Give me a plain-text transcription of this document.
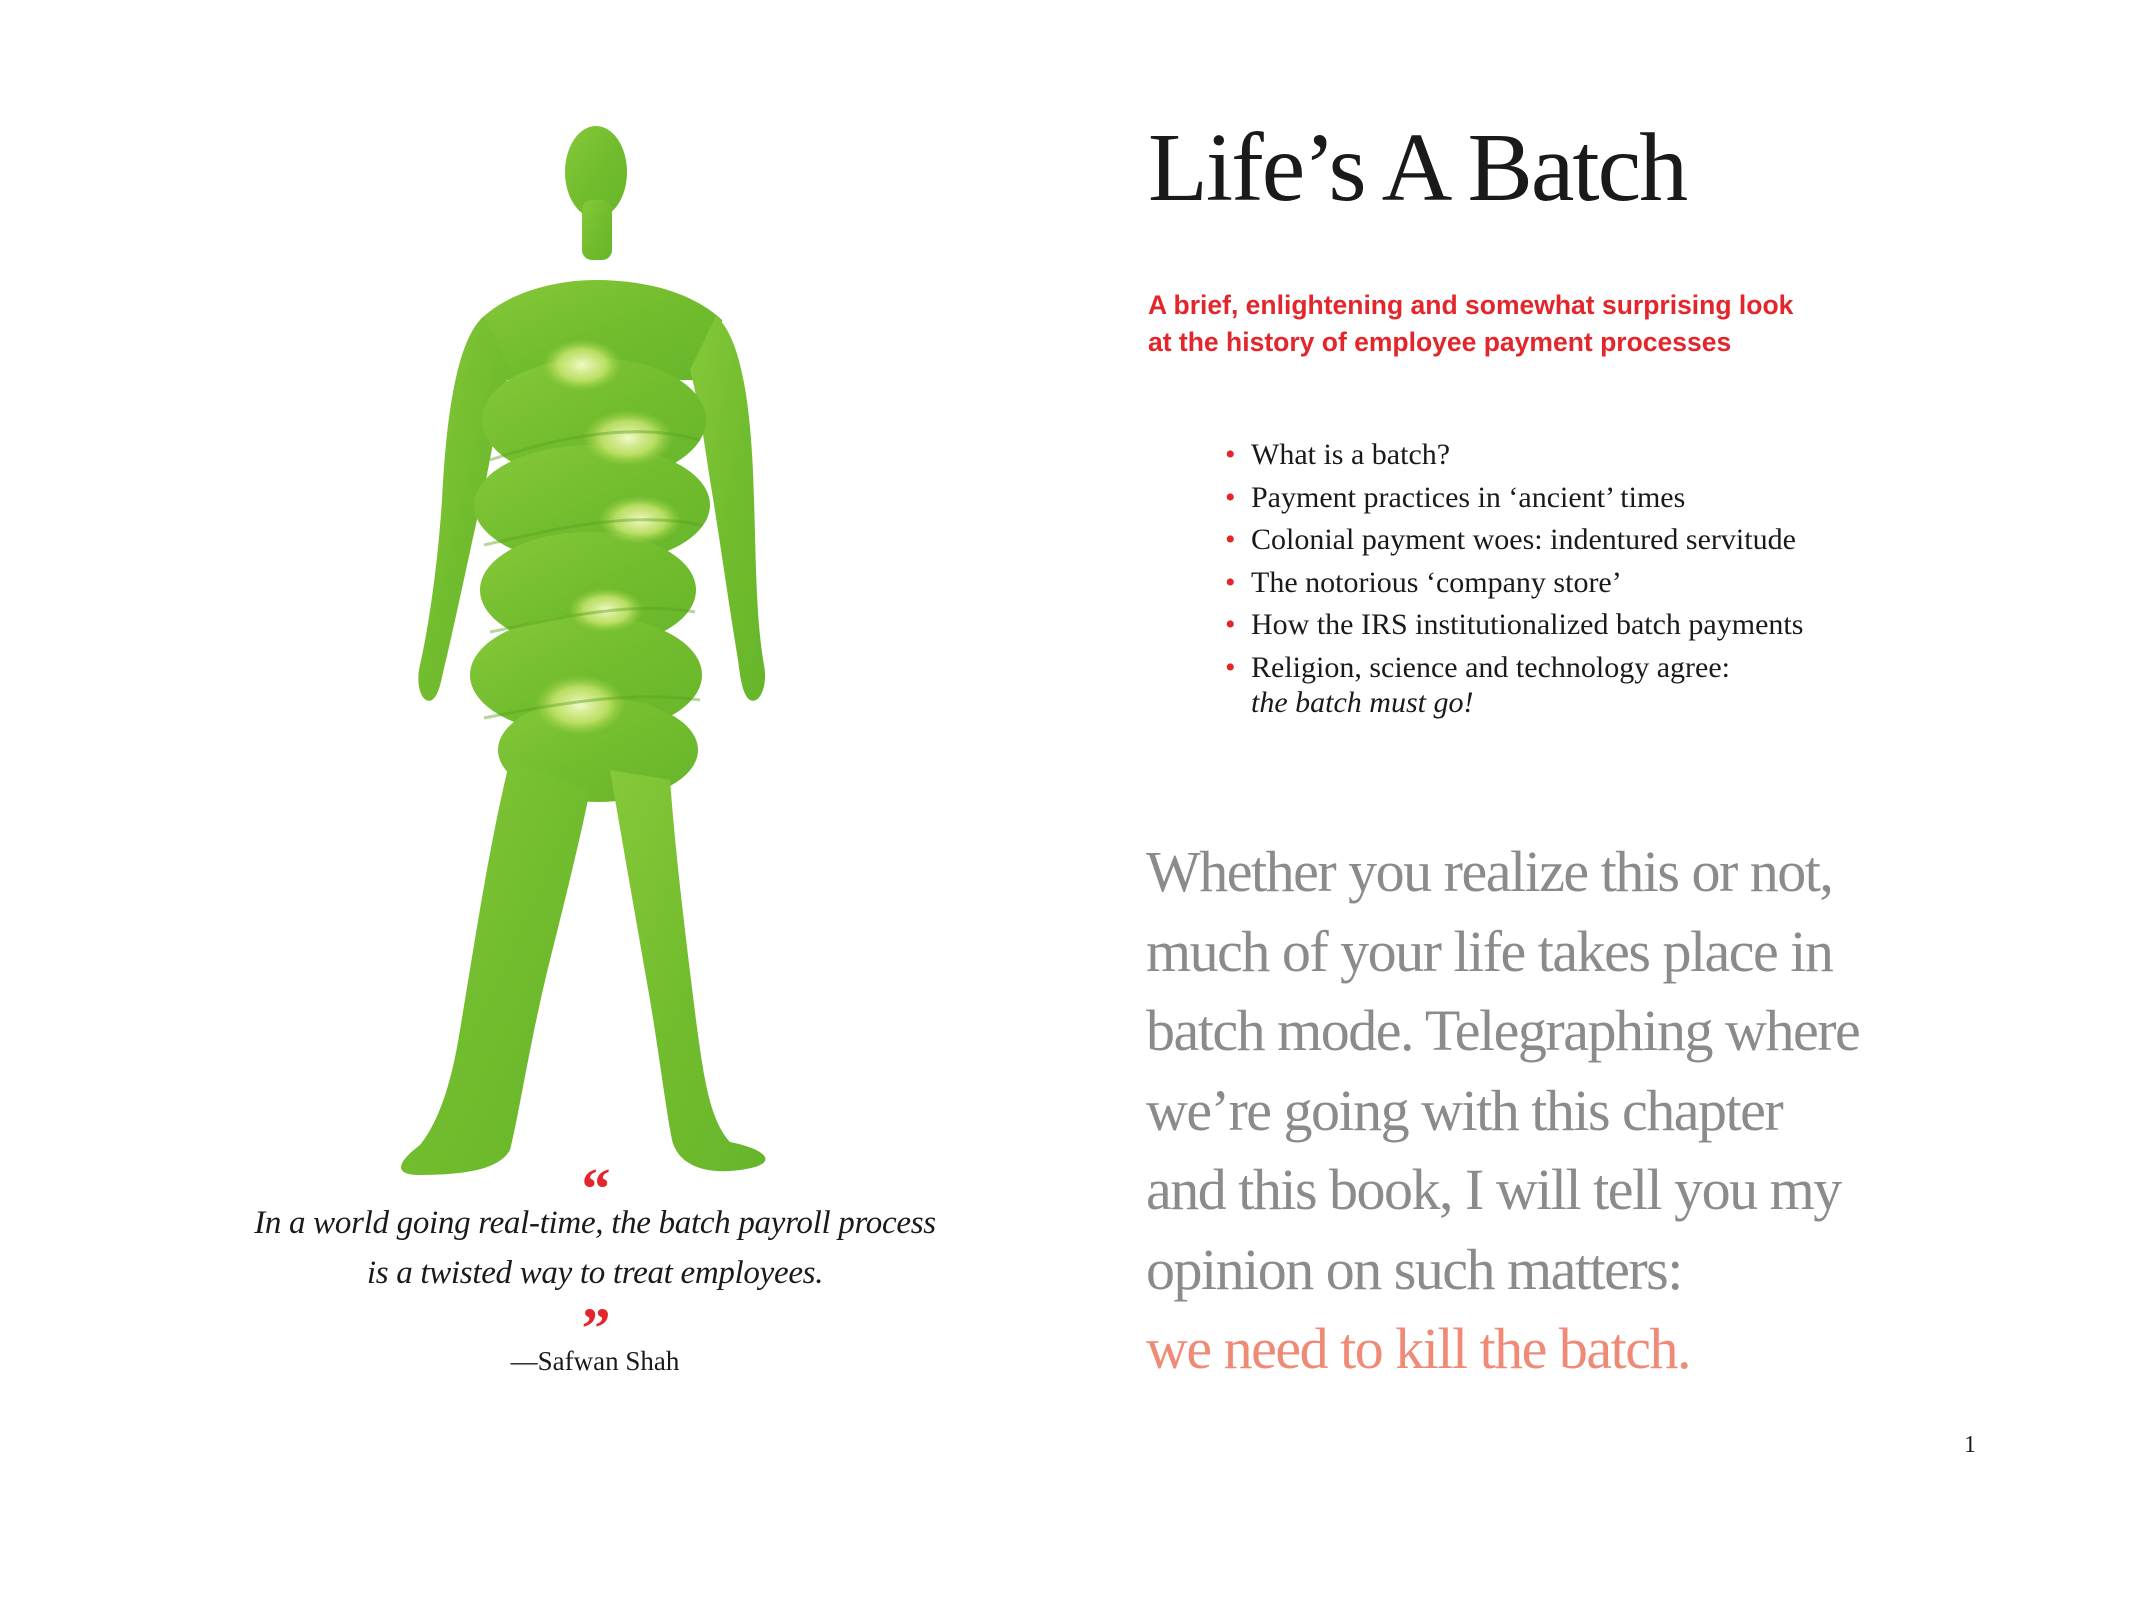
“

In a world going real-time, the batch payroll process
is a twisted way to treat employees.

”
—Safwan Shah
Life’s A Batch
A brief, enlightening and somewhat surprising look
at the history of employee payment processes
• What is a batch?
• Payment practices in ‘ancient’ times
• Colonial payment woes: indentured servitude
• The notorious ‘company store’
• How the IRS institutionalized batch payments
• Religion, science and technology agree:
the batch must go!

Whether you realize this or not,
much of your life takes place in
batch mode. Telegraphing where
we’re going with this chapter
and this book, I will tell you my
opinion on such matters:
we need to kill the batch.

1
